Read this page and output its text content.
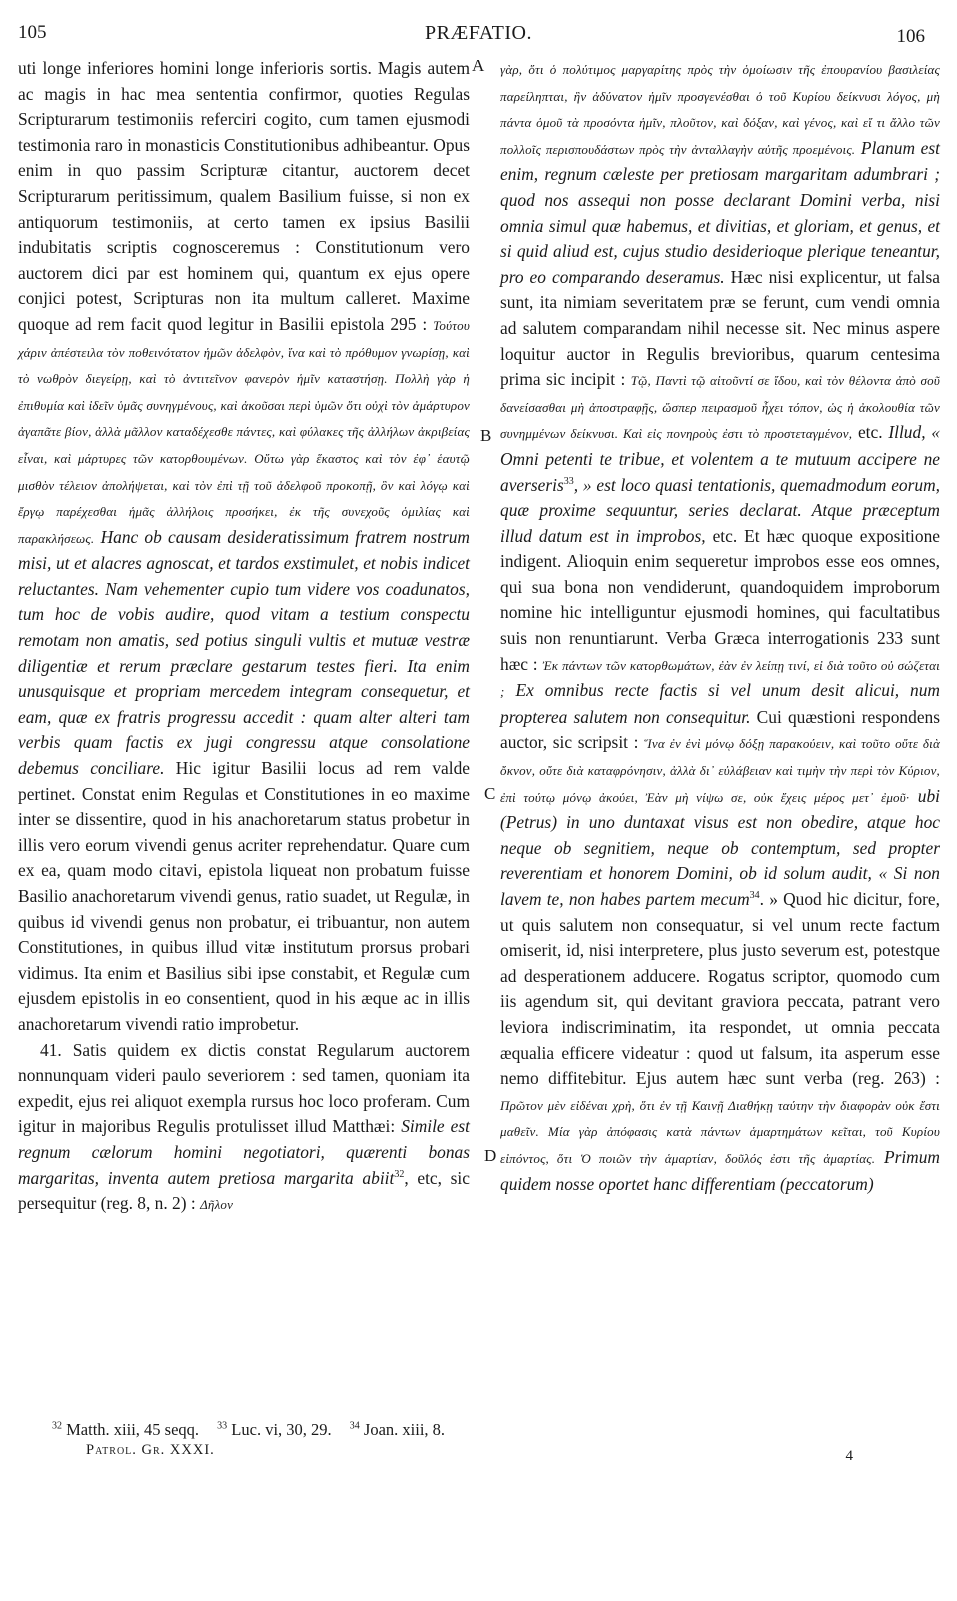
105	PRÆFATIO.	106
A
B
C
D

uti longe inferiores homini longe inferioris sortis. Magis autem ac magis in hac mea sententia confirmor, quoties Regulas Scripturarum testimoniis referciri cogito, cum tamen ejusmodi testimonia raro in monasticis Constitutionibus adhibeantur. Opus enim in quo passim Scripturæ citantur, auctorem decet Scripturarum peritissimum, qualem Basilium fuisse, si non ex antiquorum testimoniis, at certo tamen ex ipsius Basilii indubitatis scriptis cognosceremus : Constitutionum vero auctorem dici par est hominem qui, quantum ex ejus opere conjici potest, Scripturas non ita multum calleret. Maxime quoque ad rem facit quod legitur in Basilii epistola 295 : Τούτου χάριν ἀπέστειλα τὸν ποθεινότατον ἡμῶν ἀδελφὸν, ἵνα καὶ τὸ πρόθυμον γνωρίσῃ, καὶ τὸ νωθρὸν διεγείρῃ, καὶ τὸ ἀντιτεῖνον φανερὸν ἡμῖν καταστήσῃ. Πολλὴ γὰρ ἡ ἐπιθυμία καὶ ἰδεῖν ὑμᾶς συνηγμένους, καὶ ἀκοῦσαι περὶ ὑμῶν ὅτι οὐχὶ τὸν ἀμάρτυρον ἀγαπᾶτε βίον, ἀλλὰ μᾶλλον καταδέχεσθε πάντες, καὶ φύλακες τῆς ἀλλήλων ἀκριβείας εἶναι, καὶ μάρτυρες τῶν κατορθουμένων. Οὕτω γὰρ ἕκαστος καὶ τὸν ἐφ᾽ ἑαυτῷ μισθὸν τέλειον ἀπολήψεται, καὶ τὸν ἐπὶ τῇ τοῦ ἀδελφοῦ προκοπῇ, ὃν καὶ λόγῳ καὶ ἔργῳ παρέχεσθαι ἡμᾶς ἀλλήλοις προσήκει, ἐκ τῆς συνεχοῦς ὁμιλίας καὶ παρακλήσεως. Hanc ob causam desideratissimum fratrem nostrum misi, ut et alacres agnoscat, et tardos exstimulet, et nobis indicet reluctantes. Nam vehementer cupio tum videre vos coadunatos, tum hoc de vobis audire, quod vitam a testium conspectu remotam non amatis, sed potius singuli vultis et mutuæ vestræ diligentiæ et rerum præclare gestarum testes fieri. Ita enim unusquisque et propriam mercedem integram consequetur, et eam, quæ ex fratris progressu accedit : quam alter alteri tam verbis quam factis ex jugi congressu atque consolatione debemus conciliare. Hic igitur Basilii locus ad rem valde pertinet. Constat enim Regulas et Constitutiones in eo maxime inter se dissentire, quod in his anachoretarum status probetur in illis vero eorum vivendi genus acriter reprehendatur. Quare cum ex ea, quam modo citavi, epistola liqueat non probatum fuisse Basilio anachoretarum vivendi genus, ratio suadet, ut Regulæ, in quibus id vivendi genus non probatur, ei tribuantur, non autem Constitutiones, in quibus illud vitæ institutum prorsus probari vidimus. Ita enim et Basilius sibi ipse constabit, et Regulæ cum ejusdem epistolis in eo consentient, quod in his æque ac in illis anachoretarum vivendi ratio improbetur.

41. Satis quidem ex dictis constat Regularum auctorem nonnunquam videri paulo severiorem : sed tamen, quoniam ita expedit, ejus rei aliquot exempla rursus hoc loco proferam. Cum igitur in majoribus Regulis protulisset illud Matthæi: Simile est regnum cælorum homini negotiatori, quærenti bonas margaritas, inventa autem pretiosa margarita abiit$^{32}$, etc, sic persequitur (reg. 8, n. 2) : Δῆλον

γὰρ, ὅτι ὁ πολύτιμος μαργαρίτης πρὸς τὴν ὁμοίωσιν τῆς ἐπουρανίου βασιλείας παρείληπται, ἣν ἀδύνατον ἡμῖν προσγενέσθαι ὁ τοῦ Κυρίου δείκνυσι λόγος, μὴ πάντα ὁμοῦ τὰ προσόντα ἡμῖν, πλοῦτον, καὶ δόξαν, καὶ γένος, καὶ εἴ τι ἄλλο τῶν πολλοῖς περισπουδάστων πρὸς τὴν ἀνταλλαγὴν αὐτῆς προεμένοις. Planum est enim, regnum cæleste per pretiosam margaritam adumbrari ; quod nos assequi non posse declarant Domini verba, nisi omnia simul quæ habemus, et divitias, et gloriam, et genus, et si quid aliud est, cujus studio desiderioque plerique teneantur, pro eo comparando deseramus. Hæc nisi explicentur, ut falsa sunt, ita nimiam severitatem præ se ferunt, cum vendi omnia ad salutem comparandam nihil necesse sit. Nec minus aspere loquitur auctor in Regulis brevioribus, quarum centesima prima sic incipit : Τῷ, Παντὶ τῷ αἰτοῦντί σε ἴδου, καὶ τὸν θέλοντα ἀπὸ σοῦ δανείσασθαι μὴ ἀποστραφῇς, ὥσπερ πειρασμοῦ ἦχει τόπον, ὡς ἡ ἀκολουθία τῶν συνημμένων δείκνυσι. Καὶ εἰς πονηροὺς ἐστι τὸ προστεταγμένον, etc. Illud, « Omni petenti te tribue, et volentem a te mutuum accipere ne averseris$^{33}$, » est loco quasi tentationis, quemadmodum eorum, quæ proxime sequuntur, series declarat. Atque præceptum illud datum est in improbos, etc. Et hæc quoque expositione indigent. Alioquin enim sequeretur improbos esse eos omnes, qui sua bona non vendiderunt, quandoquidem improborum nomine hic intelliguntur ejusmodi homines, qui facultatibus suis non renuntiarunt. Verba Græca interrogationis 233 sunt hæc : Ἐκ πάντων τῶν κατορθωμάτων, ἐὰν ἐν λείπῃ τινί, εἰ διὰ τοῦτο οὐ σώζεται ; Ex omnibus recte factis si vel unum desit alicui, num propterea salutem non consequitur. Cui quæstioni respondens auctor, sic scripsit : Ἵνα ἐν ἑνὶ μόνῳ δόξῃ παρακούειν, καὶ τοῦτο οὔτε διὰ ὄκνον, οὔτε διὰ καταφρόνησιν, ἀλλὰ δι᾽ εὐλάβειαν καὶ τιμὴν τὴν περὶ τὸν Κύριον, ἐπὶ τούτῳ μόνῳ ἀκούει, Ἐὰν μὴ νίψω σε, οὐκ ἔχεις μέρος μετ᾽ ἐμοῦ· ubi (Petrus) in uno duntaxat visus est non obedire, atque hoc neque ob segnitiem, neque ob contemptum, sed propter reverentiam et honorem Domini, ob id solum audit, « Si non lavem te, non habes partem mecum$^{34}$. » Quod hic dicitur, fore, ut quis salutem non consequatur, si vel unum recte factum omiserit, id, nisi interpretere, plus justo severum est, potestque ad desperationem adducere. Rogatus scriptor, quomodo cum iis agendum sit, qui devitant graviora peccata, patrant vero leviora indiscriminatim, ita respondet, ut omnia peccata æqualia efficere videatur : quod ut falsum, ita asperum esse nemo diffitebitur. Ejus autem hæc sunt verba (reg. 263) : Πρῶτον μὲν εἰδέναι χρὴ, ὅτι ἐν τῇ Καινῇ Διαθήκῃ ταύτην τὴν διαφορὰν οὐκ ἔστι μαθεῖν. Μία γὰρ ἀπόφασις κατὰ πάντων ἁμαρτημάτων κεῖται, τοῦ Κυρίου εἰπόντος, ὅτι Ὁ ποιῶν τὴν ἁμαρτίαν, δοῦλός ἐστι τῆς ἁμαρτίας. Primum quidem nosse oportet hanc differentiam (peccatorum)

$^{32}$ Matth. xiii, 45 seqq. $^{33}$ Luc. vi, 30, 29. $^{34}$ Joan. xiii, 8.
Patrol. Gr. XXXI.	4
